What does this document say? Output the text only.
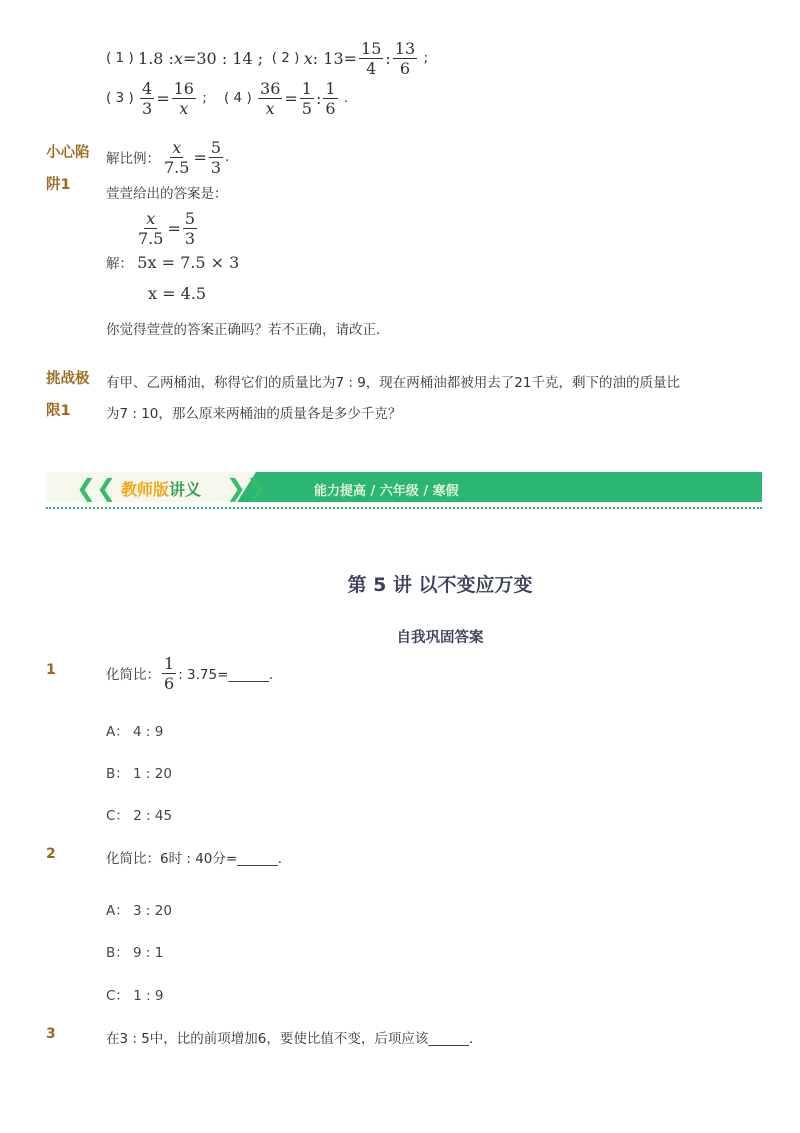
( 1 )
1.8 : x =30 : 14 ;
( 2 )
x : $13= \frac{15}{4}$ : $\frac{13}{6}$
;
( 3 )
$\frac{4}{3} = \frac{16}{x}$
;
( 4 )
$\frac{36}{x} = \frac{1}{5}$ : $\frac{1}{6}$
.
小心陷
阱1
解比例： $\frac{x}{7.5} = \frac{5}{3}$ .
萱萱给出的答案是：
$\frac{x}{7.5} = \frac{5}{3}$
解：
5x = 7.5 × 3
x = 4.5
你觉得萱萱的答案正确吗？若不正确，请改正．
挑战极
限1
有甲、乙两桶油，称得它们的质量比为7 : 9，现在两桶油都被用去了21千克，剩下的油的质量比
为7 : 10，那么原来两桶油的质量各是多少千克？
❮❮	❯❯
教师版讲义	能力提高 / 六年级 / 寒假
第 5 讲 以不变应万变
自我巩固答案
1	化简比： $\frac{1}{6}$ : 3.75=______．
A： 4 : 9
B： 1 : 20
C： 2 : 45
2	化简比：6时 : 40分=______．
A： 3 : 20
B： 9 : 1
C： 1 : 9
3	在3 : 5中，比的前项增加6，要使比值不变，后项应该______．
